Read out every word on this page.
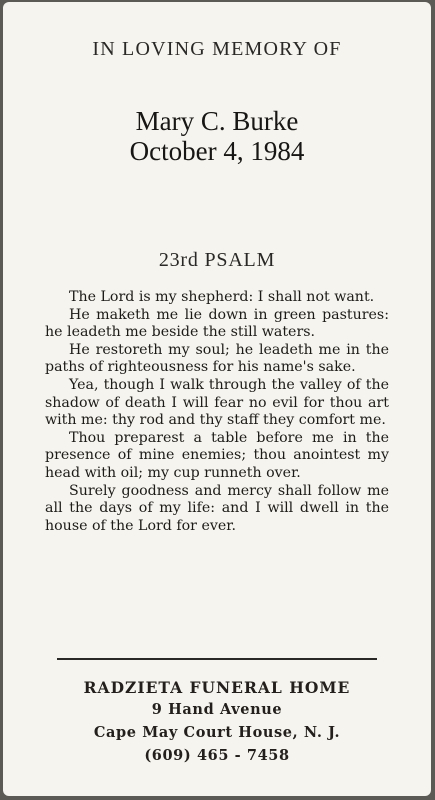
IN LOVING MEMORY OF
Mary C. Burke
October 4, 1984
23rd PSALM

The Lord is my shepherd: I shall not want.

He maketh me lie down in green pastures: he leadeth me beside the still waters.

He restoreth my soul; he leadeth me in the paths of righteousness for his name's sake.

Yea, though I walk through the valley of the shadow of death I will fear no evil for thou art with me: thy rod and thy staff they comfort me.

Thou preparest a table before me in the presence of mine enemies; thou anointest my head with oil; my cup runneth over.

Surely goodness and mercy shall follow me all the days of my life: and I will dwell in the house of the Lord for ever.

RADZIETA FUNERAL HOME
9 Hand Avenue
Cape May Court House, N. J.
(609) 465 - 7458
